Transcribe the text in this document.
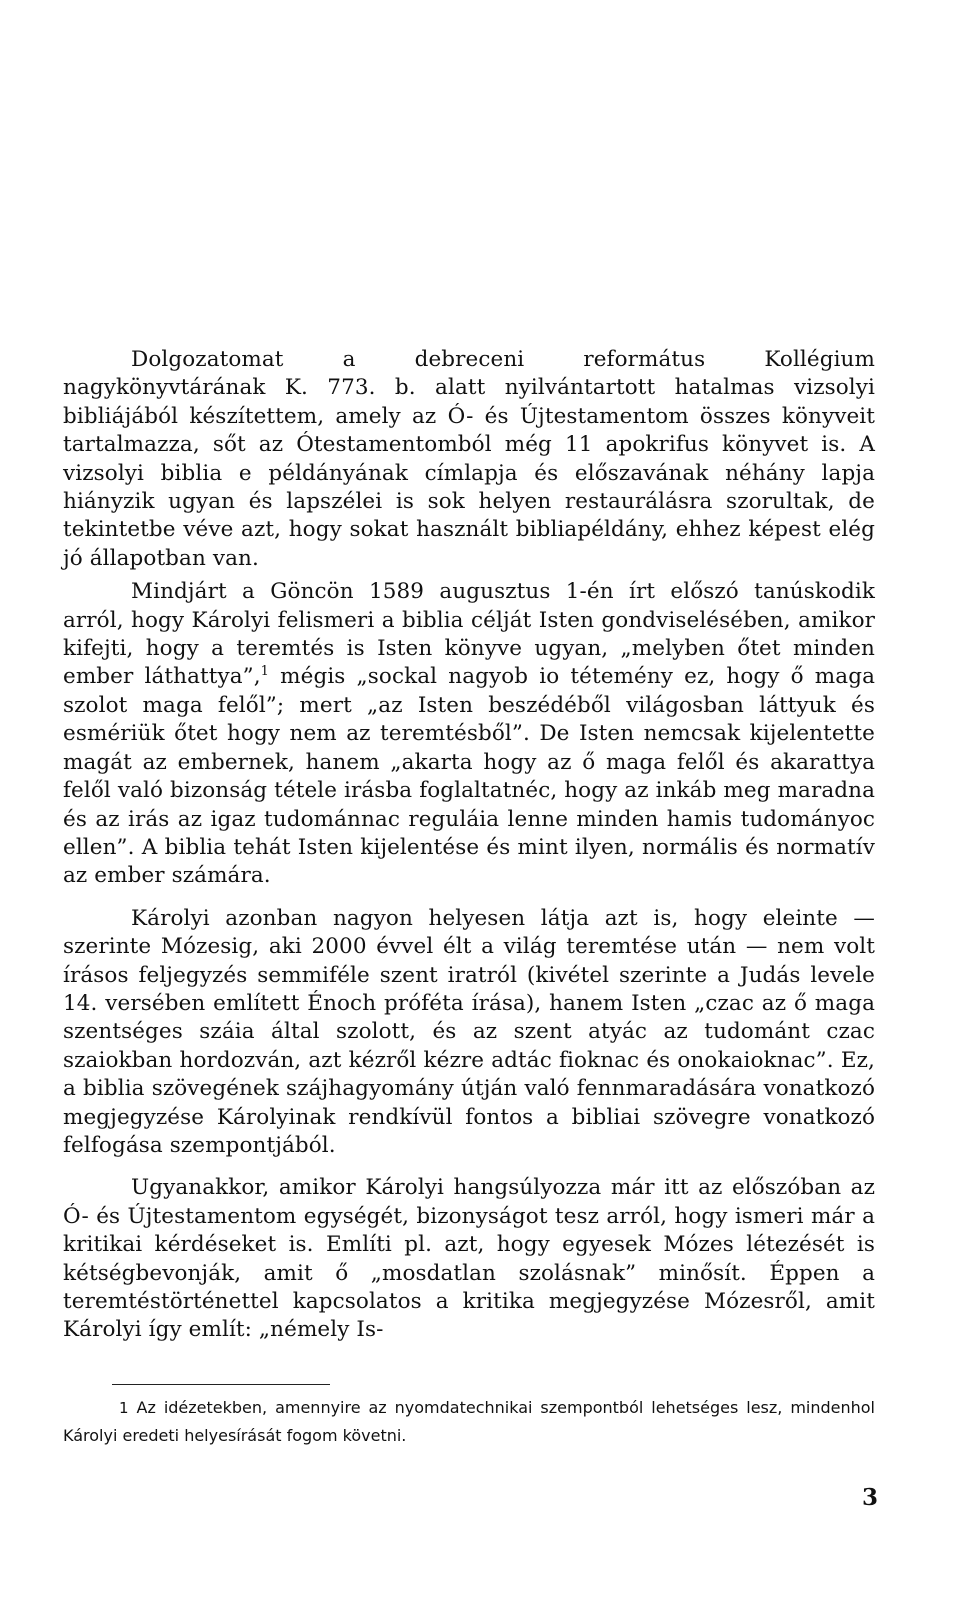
Dolgozatomat a debreceni református Kollégium nagykönyvtárának K. 773. b. alatt nyilvántartott hatalmas vizsolyi bibliájából készítettem, amely az Ó- és Újtestamentom összes könyveit tartalmazza, sőt az Ótestamentomból még 11 apokrifus könyvet is. A vizsolyi biblia e példányának címlapja és előszavának néhány lapja hiányzik ugyan és lapszélei is sok helyen restaurálásra szorultak, de tekintetbe véve azt, hogy sokat használt bibliapéldány, ehhez képest elég jó állapotban van.

Mindjárt a Göncön 1589 augusztus 1-én írt előszó tanúskodik arról, hogy Károlyi felismeri a biblia célját Isten gondviselésében, amikor kifejti, hogy a teremtés is Isten könyve ugyan, „melyben őtet minden ember láthattya”,$^1$ mégis „sockal nagyob io tétemény ez, hogy ő maga szolot maga felől”; mert „az Isten beszédéből világosban láttyuk és esmériük őtet hogy nem az teremtésből”. De Isten nemcsak kijelentette magát az embernek, hanem „akarta hogy az ő maga felől és akarattya felől való bizonság tétele irásba foglaltatnéc, hogy az inkáb meg maradna és az irás az igaz tudománnac reguláia lenne minden hamis tudományoc ellen”. A biblia tehát Isten kijelentése és mint ilyen, normális és normatív az ember számára.

Károlyi azonban nagyon helyesen látja azt is, hogy eleinte — szerinte Mózesig, aki 2000 évvel élt a világ teremtése után — nem volt írásos feljegyzés semmiféle szent iratról (kivétel szerinte a Judás levele 14. versében említett Énoch próféta írása), hanem Isten „czac az ő maga szentséges száia által szolott, és az szent atyác az tudománt czac szaiokban hordozván, azt kézről kézre adtác fioknac és onokaioknac”. Ez, a biblia szövegének szájhagyomány útján való fennmaradására vonatkozó megjegyzése Károlyinak rendkívül fontos a bibliai szövegre vonatkozó felfogása szempontjából.

Ugyanakkor, amikor Károlyi hangsúlyozza már itt az előszóban az Ó- és Újtestamentom egységét, bizonyságot tesz arról, hogy ismeri már a kritikai kérdéseket is. Említi pl. azt, hogy egyesek Mózes létezését is kétségbevonják, amit ő „mosdatlan szolásnak” minősít. Éppen a teremtéstörténettel kapcsolatos a kritika megjegyzése Mózesről, amit Károlyi így említ: „némely Is-

1 Az idézetekben, amennyire az nyomdatechnikai szempontból lehetséges lesz, mindenhol Károlyi eredeti helyesírását fogom követni.

3
